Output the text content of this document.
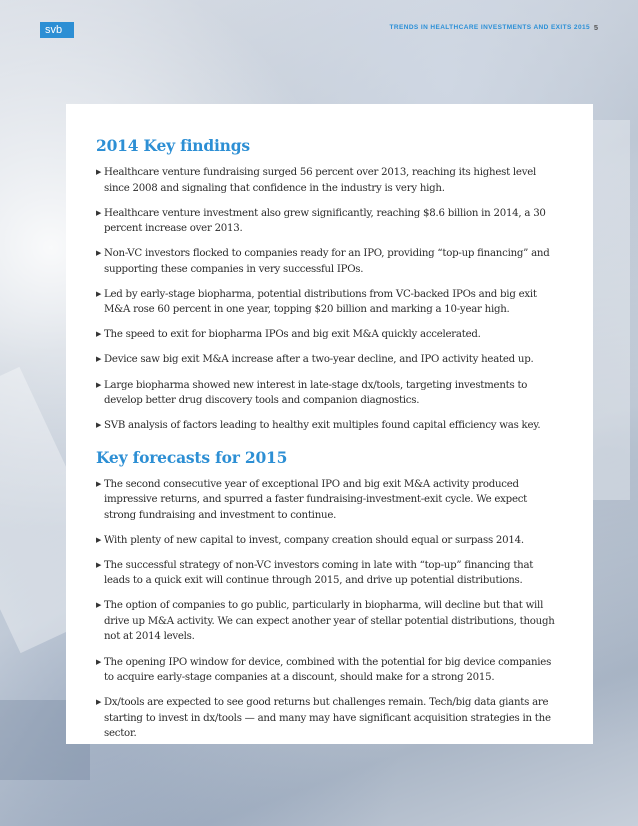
svb	TRENDS IN HEALTHCARE INVESTMENTS AND EXITS 2015 5
2014 Key findings
▶ Healthcare venture fundraising surged 56 percent over 2013, reaching its highest level since 2008 and signaling that confidence in the industry is very high.
▶ Healthcare venture investment also grew significantly, reaching $8.6 billion in 2014, a 30 percent increase over 2013.
▶ Non-VC investors flocked to companies ready for an IPO, providing “top-up financing” and supporting these companies in very successful IPOs.
▶ Led by early-stage biopharma, potential distributions from VC-backed IPOs and big exit M&A rose 60 percent in one year, topping $20 billion and marking a 10-year high.
▶ The speed to exit for biopharma IPOs and big exit M&A quickly accelerated.
▶ Device saw big exit M&A increase after a two-year decline, and IPO activity heated up.
▶ Large biopharma showed new interest in late-stage dx/tools, targeting investments to develop better drug discovery tools and companion diagnostics.
▶ SVB analysis of factors leading to healthy exit multiples found capital efficiency was key.
Key forecasts for 2015
▶ The second consecutive year of exceptional IPO and big exit M&A activity produced impressive returns, and spurred a faster fundraising-investment-exit cycle. We expect strong fundraising and investment to continue.
▶ With plenty of new capital to invest, company creation should equal or surpass 2014.
▶ The successful strategy of non-VC investors coming in late with “top-up” financing that leads to a quick exit will continue through 2015, and drive up potential distributions.
▶ The option of companies to go public, particularly in biopharma, will decline but that will drive up M&A activity. We can expect another year of stellar potential distributions, though not at 2014 levels.
▶ The opening IPO window for device, combined with the potential for big device companies to acquire early-stage companies at a discount, should make for a strong 2015.
▶ Dx/tools are expected to see good returns but challenges remain. Tech/big data giants are starting to invest in dx/tools — and many may have significant acquisition strategies in the sector.
